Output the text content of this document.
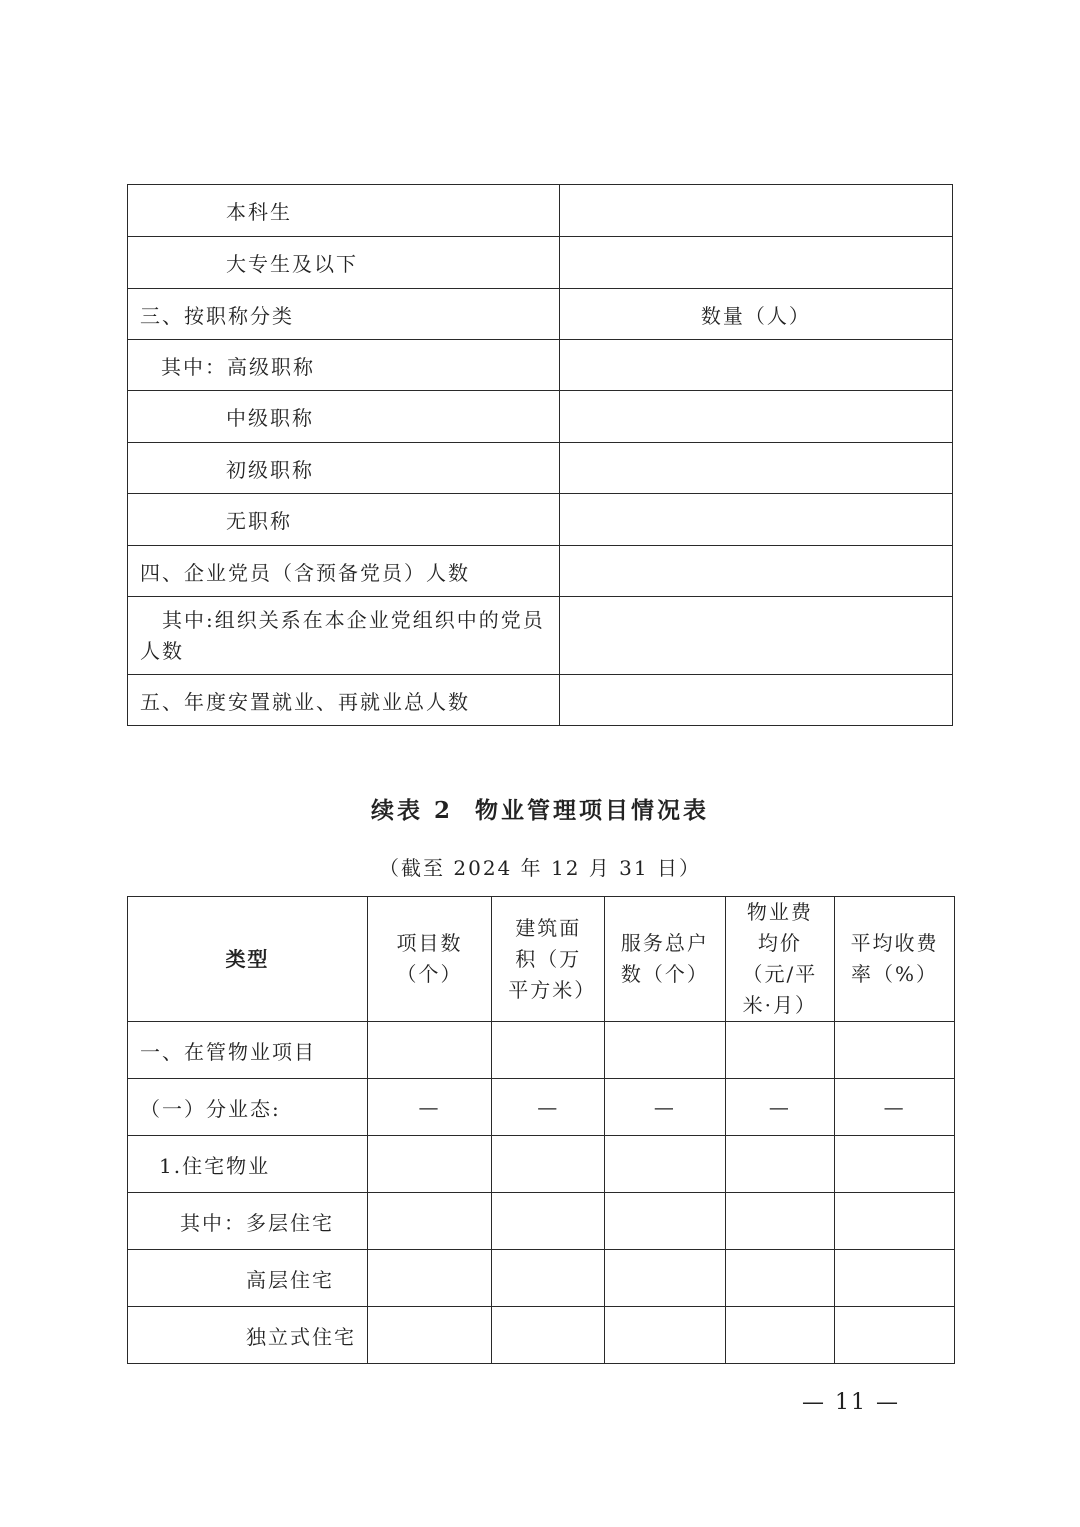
本科生	
大专生及以下	
三、按职称分类	数量（人）
其中：高级职称	
中级职称	
初级职称	
无职称	
四、企业党员（含预备党员）人数	
其中:组织关系在本企业党组织中的党员人数	
五、年度安置就业、再就业总人数	
续表 2 物业管理项目情况表
（截至 2024 年 12 月 31 日）
类型	项目数（个）	建筑面积（万平方米）	服务总户数（个）	物业费均价（元/平米·月）	平均收费率（%）
一、在管物业项目					
（一）分业态:	—	—	—	—	—
1.住宅物业					
其中：多层住宅					
高层住宅					
独立式住宅					
— 11 —
